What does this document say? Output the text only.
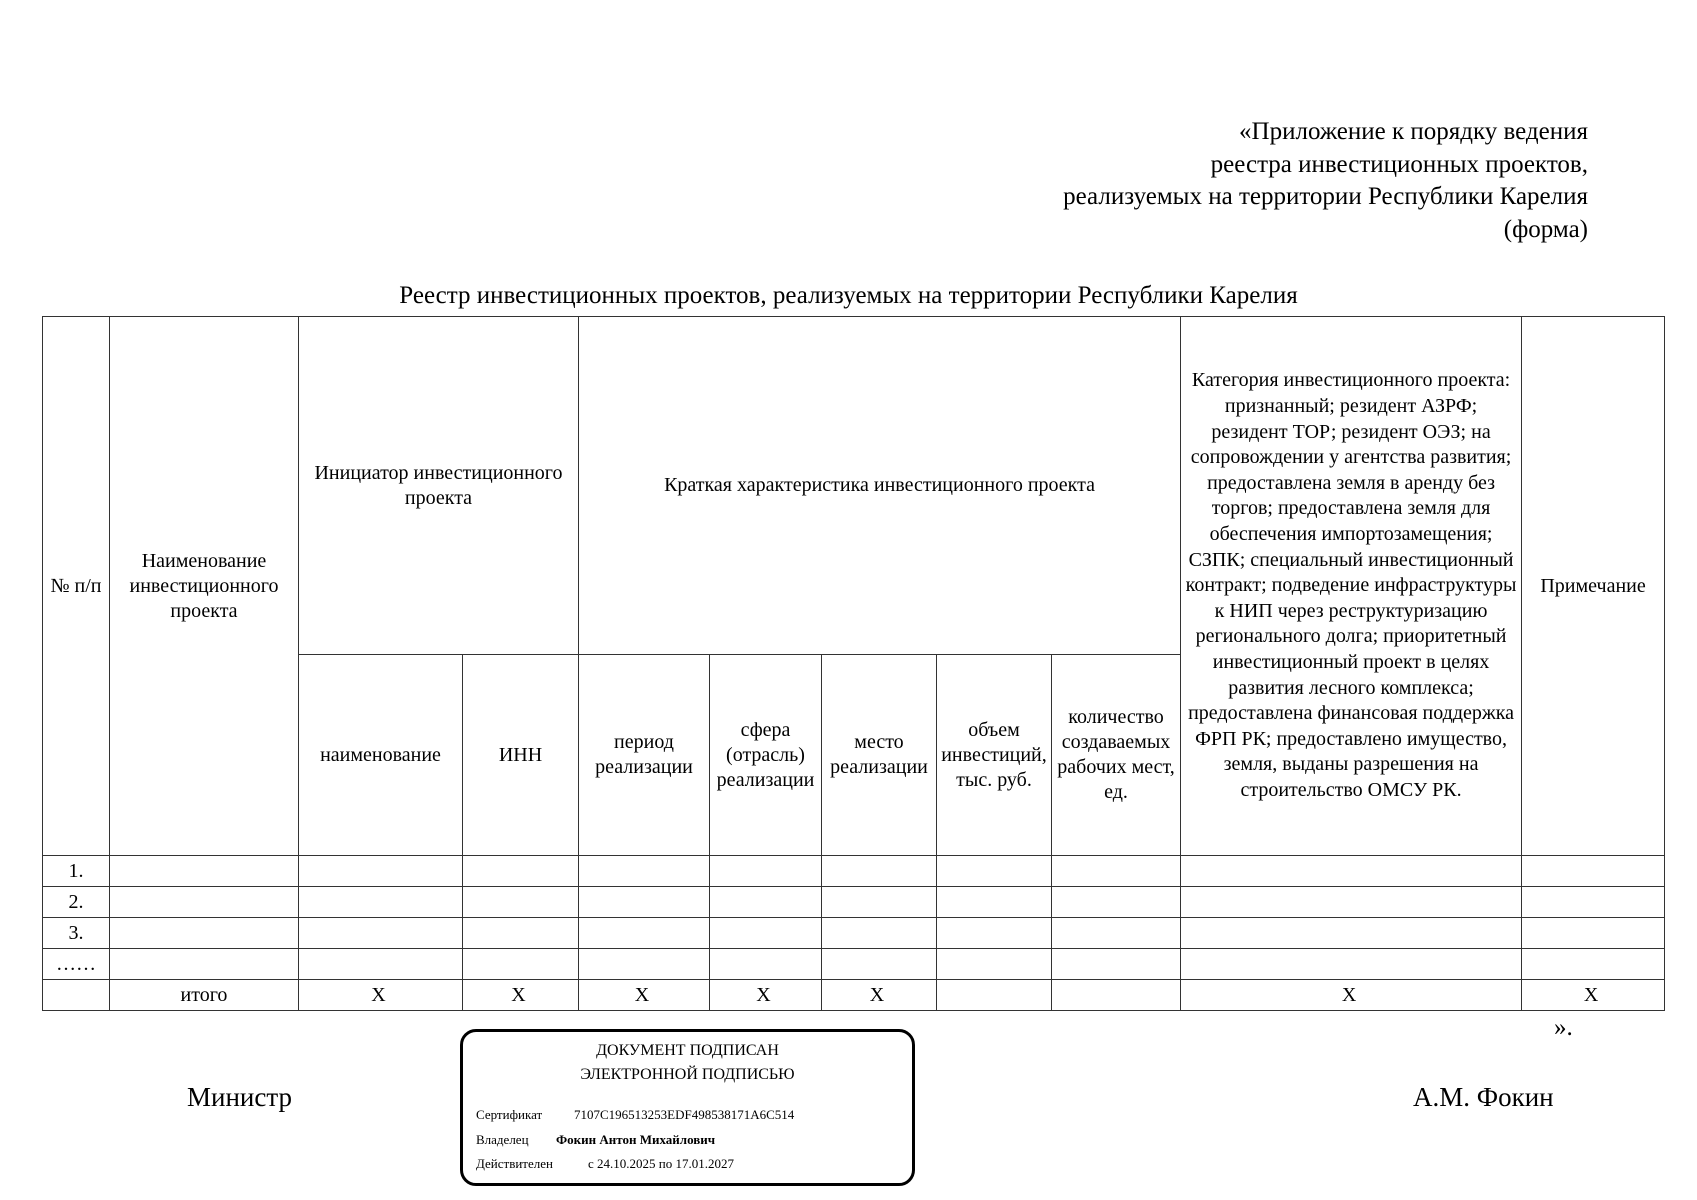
«Приложение к порядку ведения
реестра инвестиционных проектов,
реализуемых на территории Республики Карелия
(форма)
Реестр инвестиционных проектов, реализуемых на территории Республики Карелия
№ п/п	Наименование инвестиционного проекта	Инициатор инвестиционного проекта		Краткая характеристика инвестиционного проекта					Категория инвестиционного проекта: признанный; резидент АЗРФ; резидент ТОР; резидент ОЭЗ; на сопровождении у агентства развития; предоставлена земля в аренду без торгов; предоставлена земля для обеспечения импортозамещения; СЗПК; специальный инвестиционный контракт; подведение инфраструктуры к НИП через реструктуризацию регионального долга; приоритетный инвестиционный проект в целях развития лесного комплекса; предоставлена финансовая поддержка ФРП РК; предоставлено имущество, земля, выданы разрешения на строительство ОМСУ РК.	Примечание
		наименование	ИНН	период реализации	сфера (отрасль) реализации	место реализации	объем инвестиций, тыс. руб.	количество создаваемых рабочих мест, ед.		
1.										
2.										
3.										
……										
	итого	X	X	X	X	X			X	X
».
Министр	А.М. Фокин
ДОКУМЕНТ ПОДПИСАН
ЭЛЕКТРОННОЙ ПОДПИСЬЮ
Сертификат 7107C196513253EDF498538171A6C514
Владелец Фокин Антон Михайлович
Действителен	с 24.10.2025 по 17.01.2027
